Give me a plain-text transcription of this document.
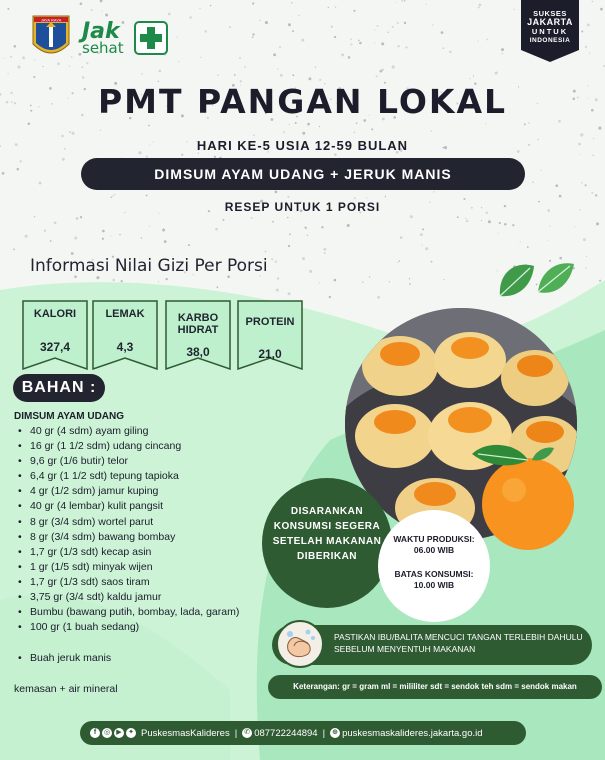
JAYA RAYA Jak
sehat
SUKSES
JAKARTA
UNTUK
INDONESIA
PMT PANGAN LOKAL
HARI KE-5 USIA 12-59 BULAN
DIMSUM AYAM UDANG + JERUK MANIS
RESEP UNTUK 1 PORSI
Informasi Nilai Gizi Per Porsi
KALORI
327,4
LEMAK
4,3
KARBO
HIDRAT
38,0
PROTEIN
21,0
BAHAN :
DIMSUM AYAM UDANG
• 40 gr (4 sdm) ayam giling
• 16 gr (1 1/2 sdm) udang cincang
• 9,6 gr (1/6 butir) telor
• 6,4 gr (1 1/2 sdt) tepung tapioka
• 4 gr (1/2 sdm) jamur kuping
• 40 gr (4 lembar) kulit pangsit
• 8 gr (3/4 sdm) wortel parut
• 8 gr (3/4 sdm) bawang bombay
• 1,7 gr (1/3 sdt) kecap asin
• 1 gr (1/5 sdt) minyak wijen
• 1,7 gr (1/3 sdt) saos tiram
• 3,75 gr (3/4 sdt) kaldu jamur
• Bumbu (bawang putih, bombay, lada, garam)
• 100 gr (1 buah sedang)
• Buah jeruk manis
kemasan + air mineral
DISARANKAN KONSUMSI SEGERA SETELAH MAKANAN DIBERIKAN
WAKTU PRODUKSI:
06.00 WIB
BATAS KONSUMSI:
10.00 WIB
PASTIKAN IBU/BALITA MENCUCI TANGAN TERLEBIH DAHULU SEBELUM MENYENTUH MAKANAN
Keterangan: gr = gram ml = mililiter sdt = sendok teh sdm = sendok makan
f	◎ ▶ ✦ PuskesmasKalideres | ✆ 087722244894 | ⊕ puskesmaskalideres.jakarta.go.id
